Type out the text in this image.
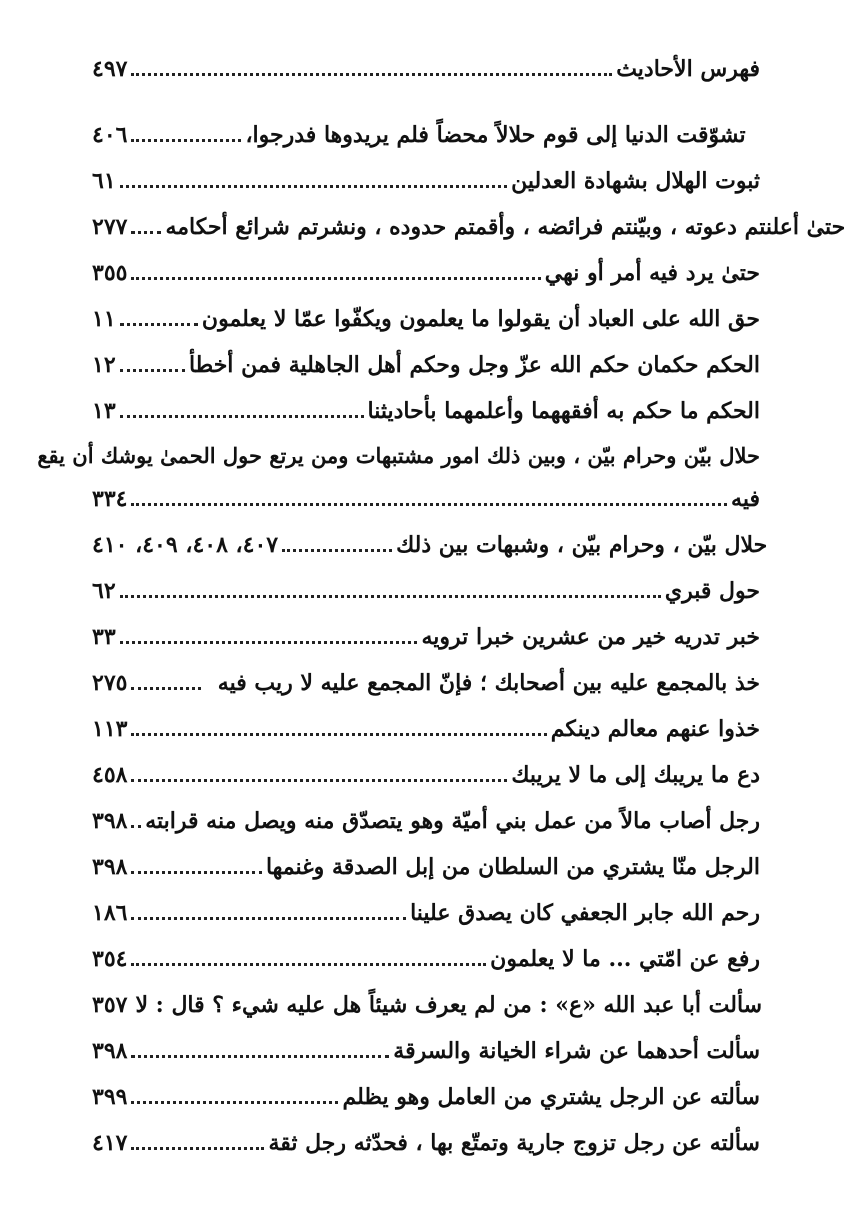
٤٩٧	فهرس الأحاديث
٤٠٦	تشوّقت الدنيا إلى قوم حلالاً محضاً فلم يريدوها فدرجوا،
٦١	ثبوت الهلال بشهادة العدلين
٢٧٧ حتىٰ أعلنتم دعوته ، وبيّنتم فرائضه ، وأقمتم حدوده ، ونشرتم شرائع أحكامه
٣٥٥	حتىٰ يرد فيه أمر أو نهي
١١	حق الله على العباد أن يقولوا ما يعلمون ويكفّوا عمّا لا يعلمون
١٢	الحكم حكمان حكم الله عزّ وجل وحكم أهل الجاهلية فمن أخطأ
١٣	الحكم ما حكم به أفقههما وأعلمهما بأحاديثنا
حلال بيّن وحرام بيّن ، وبين ذلك امور مشتبهات ومن يرتع حول الحمىٰ يوشك أن يقع
٣٣٤	فيه
٤٠٧، ٤٠٨، ٤٠٩، ٤١٠	حلال بيّن ، وحرام بيّن ، وشبهات بين ذلك
٦٢	حول قبري
٣٣	خبر تدريه خير من عشرين خبرا ترويه
٢٧٥	خذ بالمجمع عليه بين أصحابك ؛ فإنّ المجمع عليه لا ريب فيه
١١٣	خذوا عنهم معالم دينكم
٤٥٨	دع ما يريبك إلى ما لا يريبك
٣٩٨ رجل أصاب مالاً من عمل بني أميّة وهو يتصدّق منه ويصل منه قرابته
٣٩٨	الرجل منّا يشتري من السلطان من إبل الصدقة وغنمها
١٨٦	رحم الله جابر الجعفي كان يصدق علينا
٣٥٤	رفع عن امّتي ... ما لا يعلمون
٣٥٧ سألت أبا عبد الله «ع» : من لم يعرف شيئاً هل عليه شيء ؟ قال : لا
٣٩٨	سألت أحدهما عن شراء الخيانة والسرقة
٣٩٩	سألته عن الرجل يشتري من العامل وهو يظلم
٤١٧	سألته عن رجل تزوج جارية وتمتّع بها ، فحدّثه رجل ثقة
